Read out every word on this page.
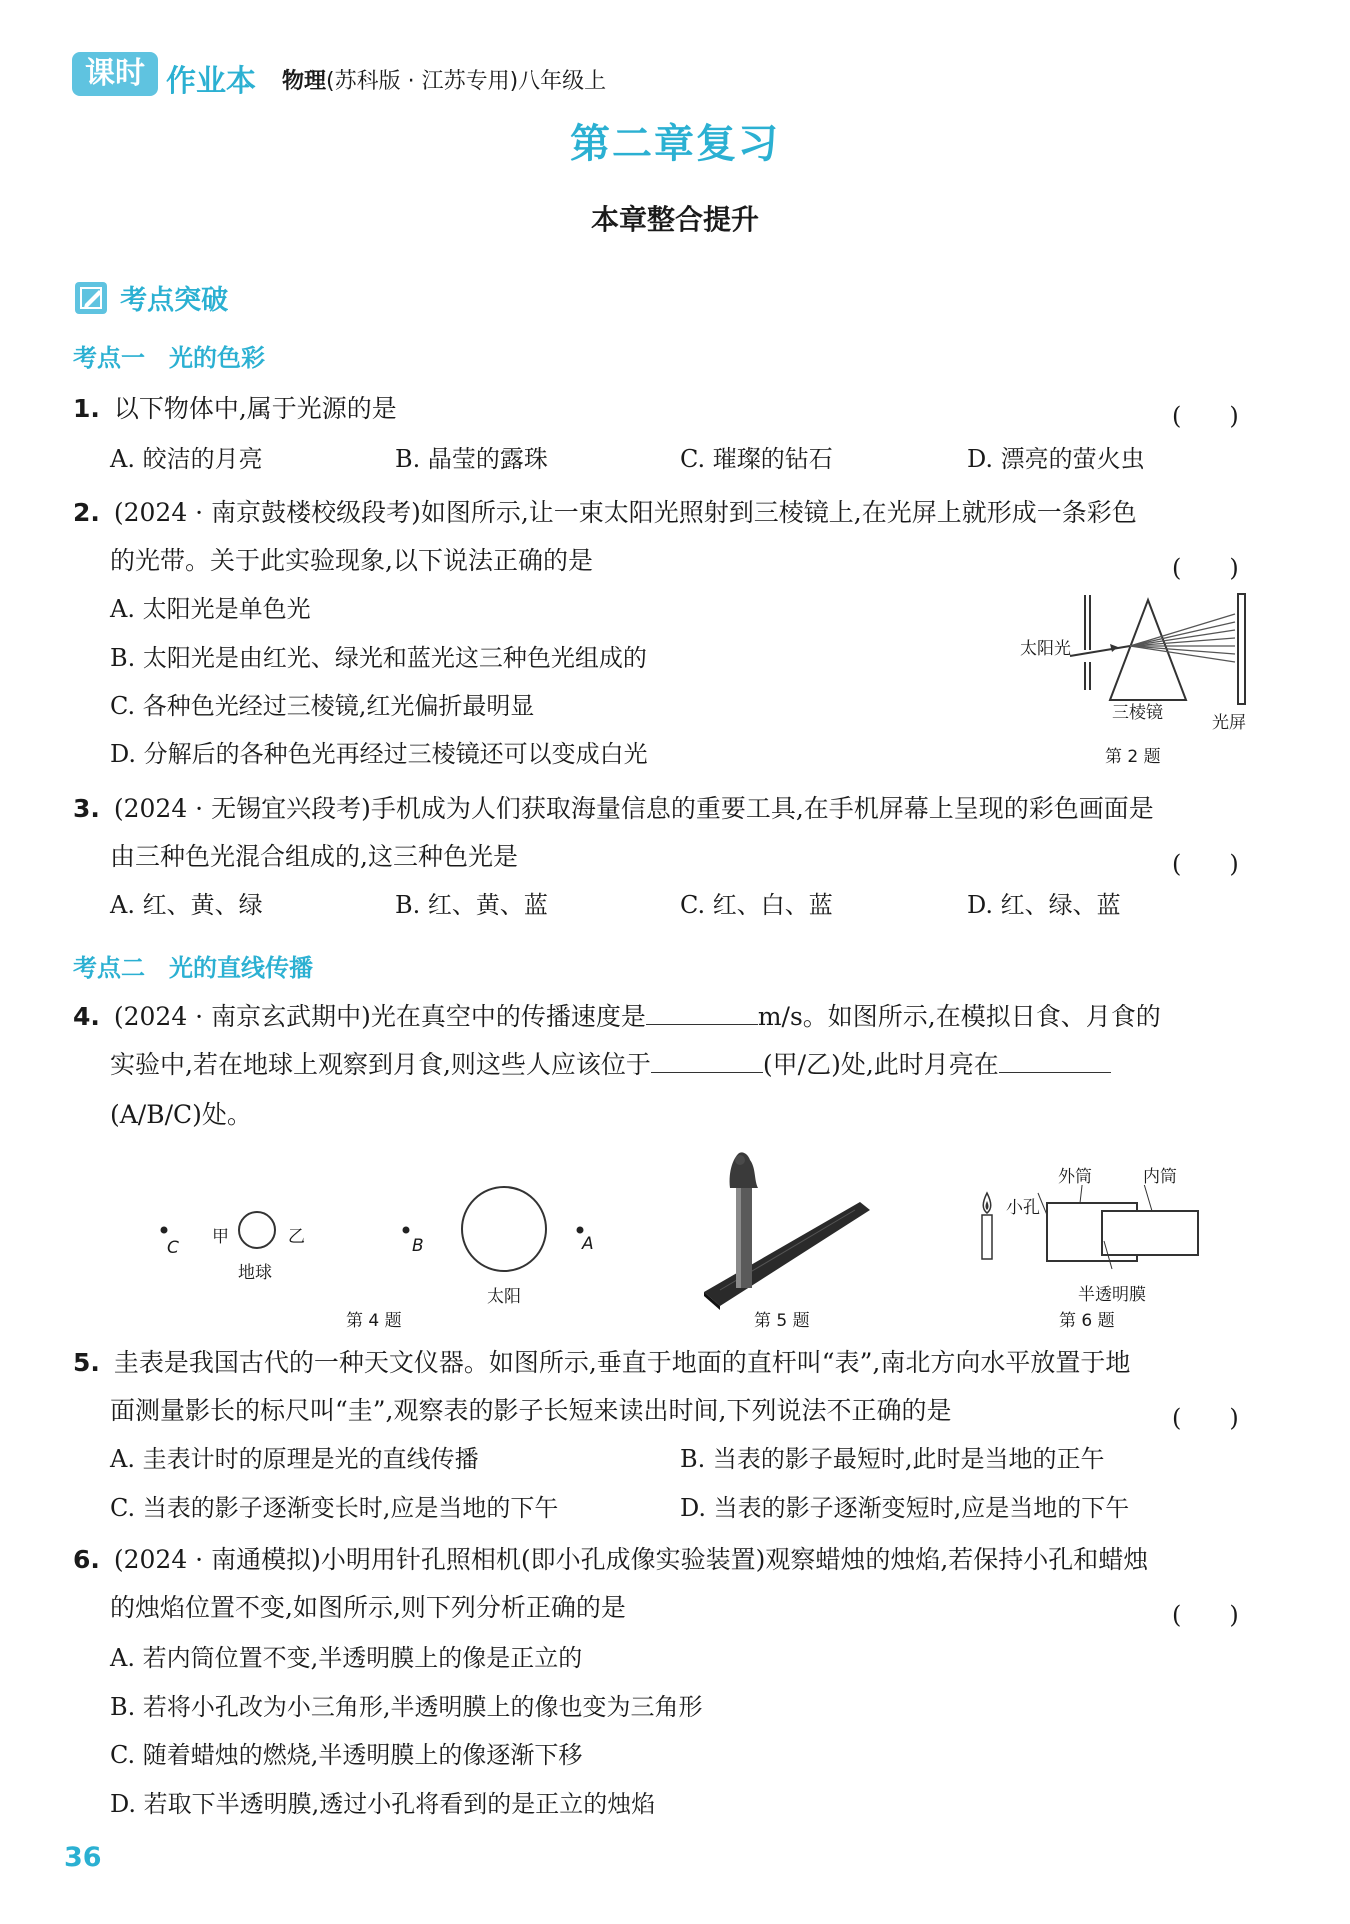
课时 作业本 物理(苏科版 · 江苏专用)八年级上
第二章复习
本章整合提升
考点突破
考点一　光的色彩
1. 以下物体中,属于光源的是	(　　)
A. 皎洁的月亮	B. 晶莹的露珠	C. 璀璨的钻石	D. 漂亮的萤火虫
2. (2024 · 南京鼓楼校级段考)如图所示,让一束太阳光照射到三棱镜上,在光屏上就形成一条彩色
的光带。关于此实验现象,以下说法正确的是	(　　)
A. 太阳光是单色光
B. 太阳光是由红光、绿光和蓝光这三种色光组成的
C. 各种色光经过三棱镜,红光偏折最明显
D. 分解后的各种色光再经过三棱镜还可以变成白光
太阳光
三棱镜	光屏
第 2 题
3. (2024 · 无锡宜兴段考)手机成为人们获取海量信息的重要工具,在手机屏幕上呈现的彩色画面是
由三种色光混合组成的,这三种色光是	(　　)
A. 红、黄、绿	B. 红、黄、蓝	C. 红、白、蓝	D. 红、绿、蓝
考点二　光的直线传播
4. (2024 · 南京玄武期中)光在真空中的传播速度是	m/s。如图所示,在模拟日食、月食的
实验中,若在地球上观察到月食,则这些人应该位于	(甲/乙)处,此时月亮在
(A/B/C)处。
C
甲	乙
地球
B	A
太阳
第 4 题	第 5 题
外筒	内筒
小孔
半透明膜
第 6 题
5. 圭表是我国古代的一种天文仪器。如图所示,垂直于地面的直杆叫“表”,南北方向水平放置于地
面测量影长的标尺叫“圭”,观察表的影子长短来读出时间,下列说法不正确的是	(　　)
A. 圭表计时的原理是光的直线传播	B. 当表的影子最短时,此时是当地的正午
C. 当表的影子逐渐变长时,应是当地的下午	D. 当表的影子逐渐变短时,应是当地的下午
6. (2024 · 南通模拟)小明用针孔照相机(即小孔成像实验装置)观察蜡烛的烛焰,若保持小孔和蜡烛
的烛焰位置不变,如图所示,则下列分析正确的是	(　　)
A. 若内筒位置不变,半透明膜上的像是正立的
B. 若将小孔改为小三角形,半透明膜上的像也变为三角形
C. 随着蜡烛的燃烧,半透明膜上的像逐渐下移
D. 若取下半透明膜,透过小孔将看到的是正立的烛焰
36
